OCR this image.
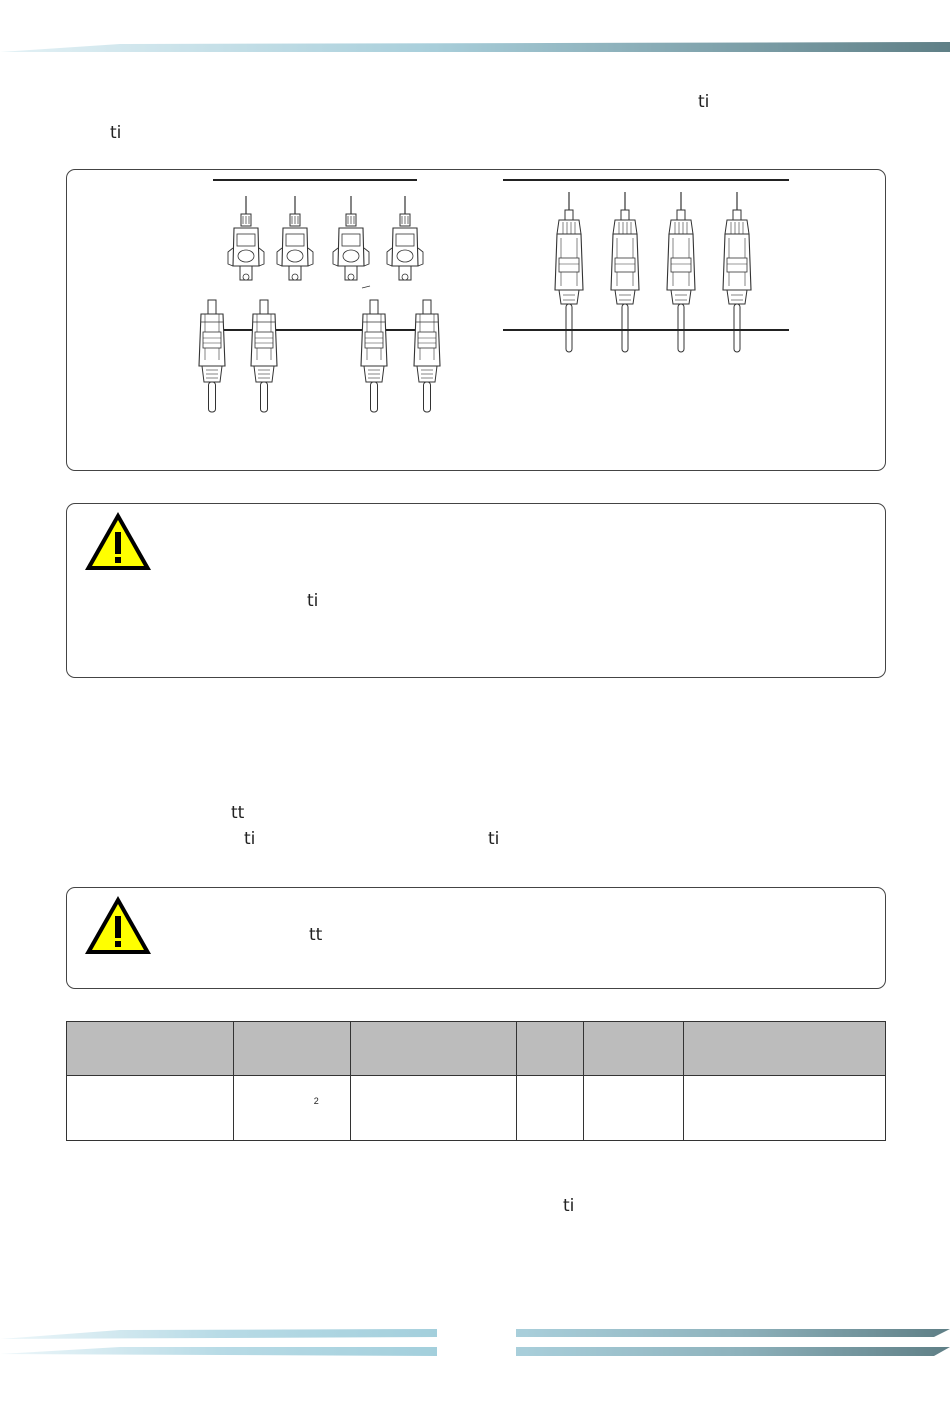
ti
ti
ti
tt
ti	ti
tt

	2				

ti
